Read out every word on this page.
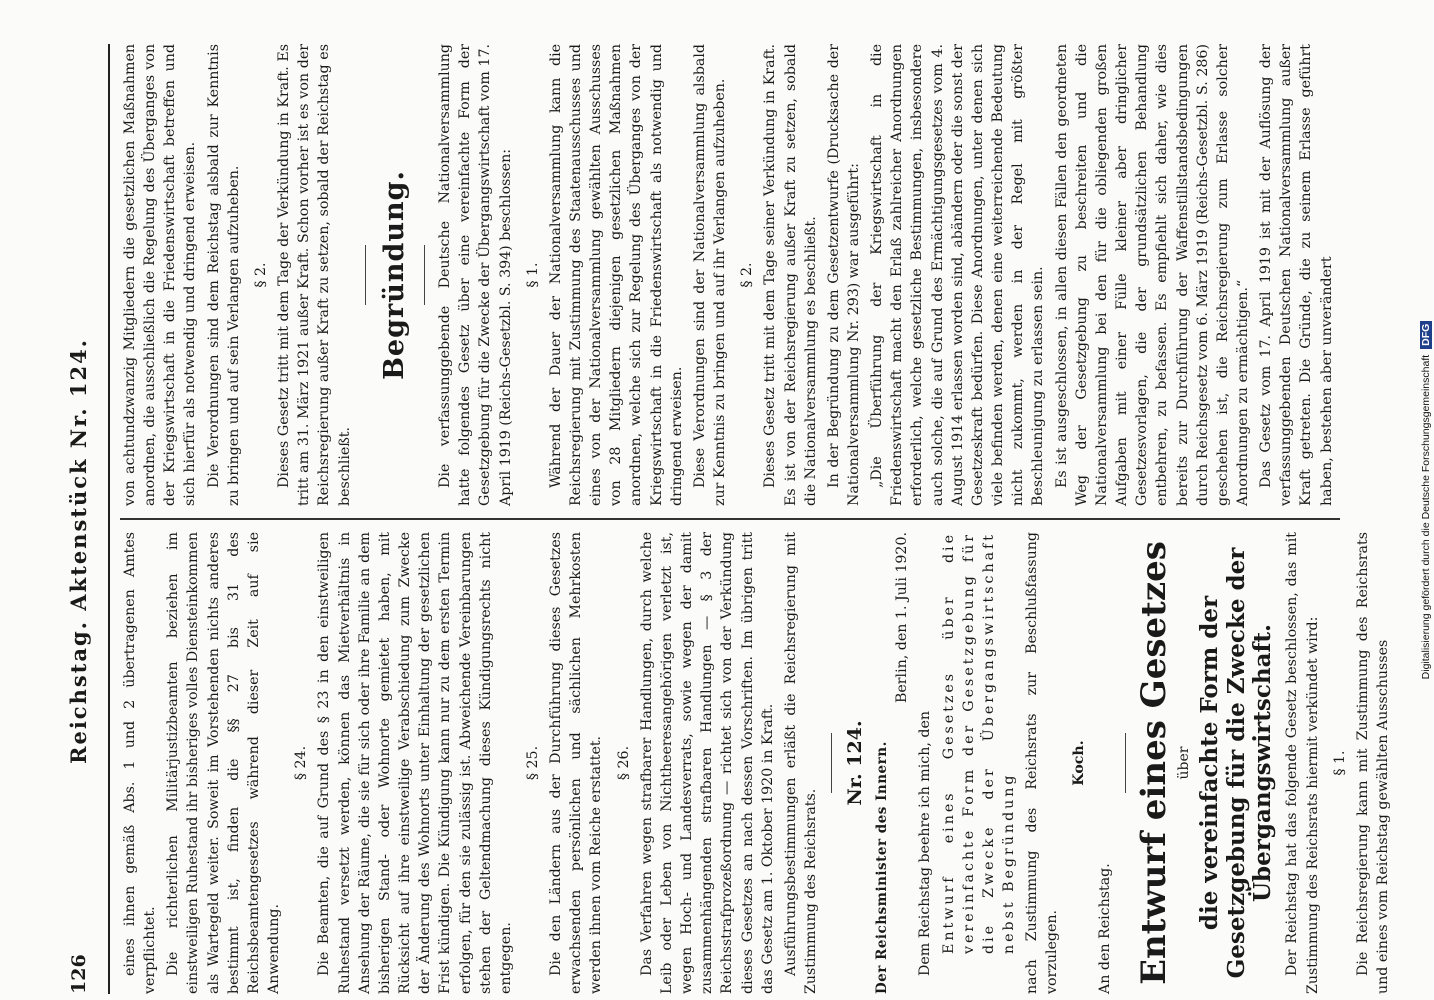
126
Reichstag. Aktenstück Nr. 124. eines ihnen gemäß Abs. 1 und 2 übertragenen Amtes verpflichtet. Die richterlichen Militärjustizbeamten beziehen im einstweiligen Ruhestand ihr bisheriges volles Diensteinkommen als Wartegeld weiter. Soweit im Vorstehenden nichts anderes bestimmt ist, finden die §§ 27 bis 31 des Reichsbeamtengesetzes während dieser Zeit auf sie Anwendung.

§ 24. Die Beamten, die auf Grund des § 23 in den einstweiligen Ruhestand versetzt werden, können das Mietverhältnis in Ansehung der Räume, die sie für sich oder ihre Familie an dem bisherigen Stand- oder Wohnorte gemietet haben, mit Rücksicht auf ihre einstweilige Verabschiedung zum Zwecke der Änderung des Wohnorts unter Einhaltung der gesetzlichen Frist kündigen. Die Kündigung kann nur zu dem ersten Termin erfolgen, für den sie zulässig ist. Abweichende Vereinbarungen stehen der Geltendmachung dieses Kündigungsrechts nicht entgegen.

§ 25. Die den Ländern aus der Durchführung dieses Gesetzes erwachsenden persönlichen und sächlichen Mehrkosten werden ihnen vom Reiche erstattet. § 26. Das Verfahren wegen strafbarer Handlungen, durch welche Leib oder Leben von Nichtheeresangehörigen verletzt ist, wegen Hoch- und Landesverrats, sowie wegen der damit zusammenhängenden strafbaren Handlungen — § 3 der Reichsstrafprozeßordnung — richtet sich von der Verkündung dieses Gesetzes an nach dessen Vorschriften. Im übrigen tritt das Gesetz am 1. Oktober 1920 in Kraft. Ausführungsbestimmungen erläßt die Reichsregierung mit Zustimmung des Reichsrats.

Nr. 124. Der Reichsminister des Innern.

Berlin, den 1. Juli 1920.

Dem Reichstag beehre ich mich, den Entwurf eines Gesetzes über die vereinfachte Form der Gesetzgebung für die Zwecke der Übergangswirtschaft nebst Begründung nach Zustimmung des Reichsrats zur Beschlußfassung vorzulegen.

Koch.

An den Reichstag. Entwurf eines Gesetzes über die vereinfachte Form der Gesetzgebung für die Zwecke der Übergangswirtschaft. Der Reichstag hat das folgende Gesetz beschlossen, das mit Zustimmung des Reichsrats hiermit verkündet wird: § 1. Die Reichsregierung kann mit Zustimmung des Reichsrats und eines vom Reichstag gewählten Ausschusses

von achtundzwanzig Mitgliedern die gesetzlichen Maßnahmen anordnen, die ausschließlich die Regelung des Überganges von der Kriegswirtschaft in die Friedenswirtschaft betreffen und sich hierfür als notwendig und dringend erweisen. Die Verordnungen sind dem Reichstag alsbald zur Kenntnis zu bringen und auf sein Verlangen aufzuheben. § 2. Dieses Gesetz tritt mit dem Tage der Verkündung in Kraft. Es tritt am 31. März 1921 außer Kraft. Schon vorher ist es von der Reichsregierung außer Kraft zu setzen, sobald der Reichstag es beschließt.

Begründung.	Die verfassunggebende Deutsche Nationalversammlung hatte folgendes Gesetz über eine vereinfachte Form der Gesetzgebung für die Zwecke der Übergangswirtschaft vom 17. April 1919 (Reichs-Gesetzbl. S. 394) beschlossen: § 1. Während der Dauer der Nationalversammlung kann die Reichsregierung mit Zustimmung des Staatenausschusses und eines von der Nationalversammlung gewählten Ausschusses von 28 Mitgliedern diejenigen gesetzlichen Maßnahmen anordnen, welche sich zur Regelung des Überganges von der Kriegswirtschaft in die Friedenswirtschaft als notwendig und dringend erweisen. Diese Verordnungen sind der Nationalversammlung alsbald zur Kenntnis zu bringen und auf ihr Verlangen aufzuheben. § 2. Dieses Gesetz tritt mit dem Tage seiner Verkündung in Kraft. Es ist von der Reichsregierung außer Kraft zu setzen, sobald die Nationalversammlung es beschließt. In der Begründung zu dem Gesetzentwurfe (Drucksache der Nationalversammlung Nr. 293) war ausgeführt: „Die Überführung der Kriegswirtschaft in die Friedenswirtschaft macht den Erlaß zahlreicher Anordnungen erforderlich, welche gesetzliche Bestimmungen, insbesondere auch solche, die auf Grund des Ermächtigungsgesetzes vom 4. August 1914 erlassen worden sind, abändern oder die sonst der Gesetzeskraft bedürfen. Diese Anordnungen, unter denen sich viele befinden werden, denen eine weiterreichende Bedeutung nicht zukommt, werden in der Regel mit größter Beschleunigung zu erlassen sein. Es ist ausgeschlossen, in allen diesen Fällen den geordneten Weg der Gesetzgebung zu beschreiten und die Nationalversammlung bei den für die obliegenden großen Aufgaben mit einer Fülle kleiner aber dringlicher Gesetzesvorlagen, die der grundsätzlichen Behandlung entbehren, zu befassen. Es empfiehlt sich daher, wie dies bereits zur Durchführung der Waffenstillstandsbedingungen durch Reichsgesetz vom 6. März 1919 (Reichs-Gesetzbl. S. 286) geschehen ist, die Reichsregierung zum Erlasse solcher Anordnungen zu ermächtigen.“ Das Gesetz vom 17. April 1919 ist mit der Auflösung der verfassunggebenden Deutschen Nationalversammlung außer Kraft getreten. Die Gründe, die zu seinem Erlasse geführt haben, bestehen aber unverändert	Digitalisierung gefördert durch die Deutsche ForschungsgemeinschaftDFG
